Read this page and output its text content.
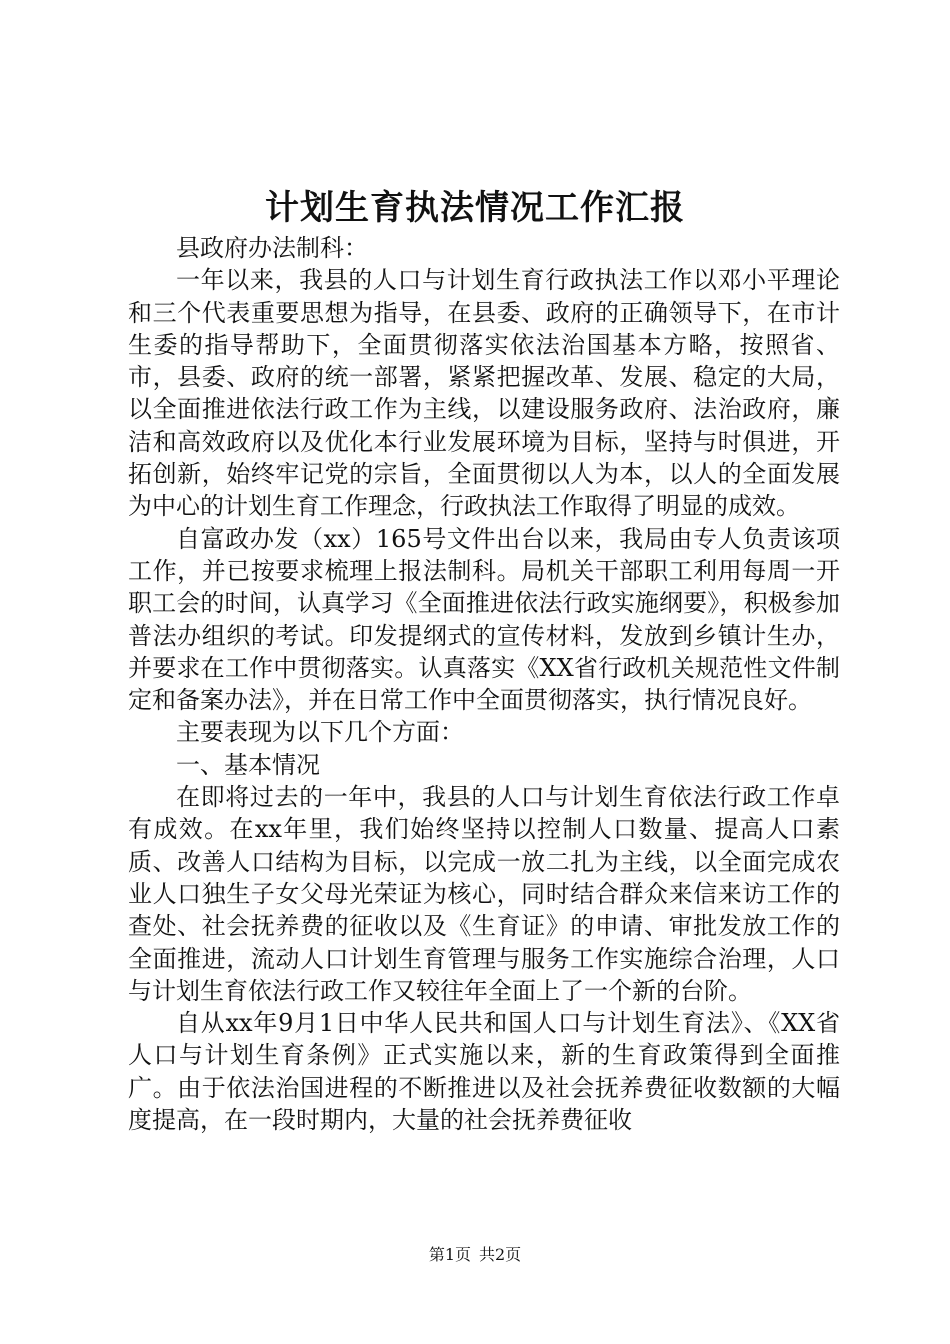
计划生育执法情况工作汇报

县政府办法制科：

一年以来，我县的人口与计划生育行政执法工作以邓小平理论和三个代表重要思想为指导，在县委、政府的正确领导下，在市计生委的指导帮助下，全面贯彻落实依法治国基本方略，按照省、市，县委、政府的统一部署，紧紧把握改革、发展、稳定的大局，以全面推进依法行政工作为主线，以建设服务政府、法治政府，廉洁和高效政府以及优化本行业发展环境为目标，坚持与时俱进，开拓创新，始终牢记党的宗旨，全面贯彻以人为本，以人的全面发展为中心的计划生育工作理念，行政执法工作取得了明显的成效。

自富政办发（xx）165号文件出台以来，我局由专人负责该项工作，并已按要求梳理上报法制科。局机关干部职工利用每周一开职工会的时间，认真学习《全面推进依法行政实施纲要》，积极参加普法办组织的考试。印发提纲式的宣传材料，发放到乡镇计生办，并要求在工作中贯彻落实。认真落实《XX省行政机关规范性文件制定和备案办法》，并在日常工作中全面贯彻落实，执行情况良好。

主要表现为以下几个方面：

一、基本情况

在即将过去的一年中，我县的人口与计划生育依法行政工作卓有成效。在xx年里，我们始终坚持以控制人口数量、提高人口素质、改善人口结构为目标，以完成一放二扎为主线，以全面完成农业人口独生子女父母光荣证为核心，同时结合群众来信来访工作的查处、社会抚养费的征收以及《生育证》的申请、审批发放工作的全面推进，流动人口计划生育管理与服务工作实施综合治理，人口与计划生育依法行政工作又较往年全面上了一个新的台阶。

自从xx年9月1日中华人民共和国人口与计划生育法》、《XX省人口与计划生育条例》正式实施以来，新的生育政策得到全面推广。由于依法治国进程的不断推进以及社会抚养费征收数额的大幅度提高，在一段时期内，大量的社会抚养费征收

第1页 共2页
